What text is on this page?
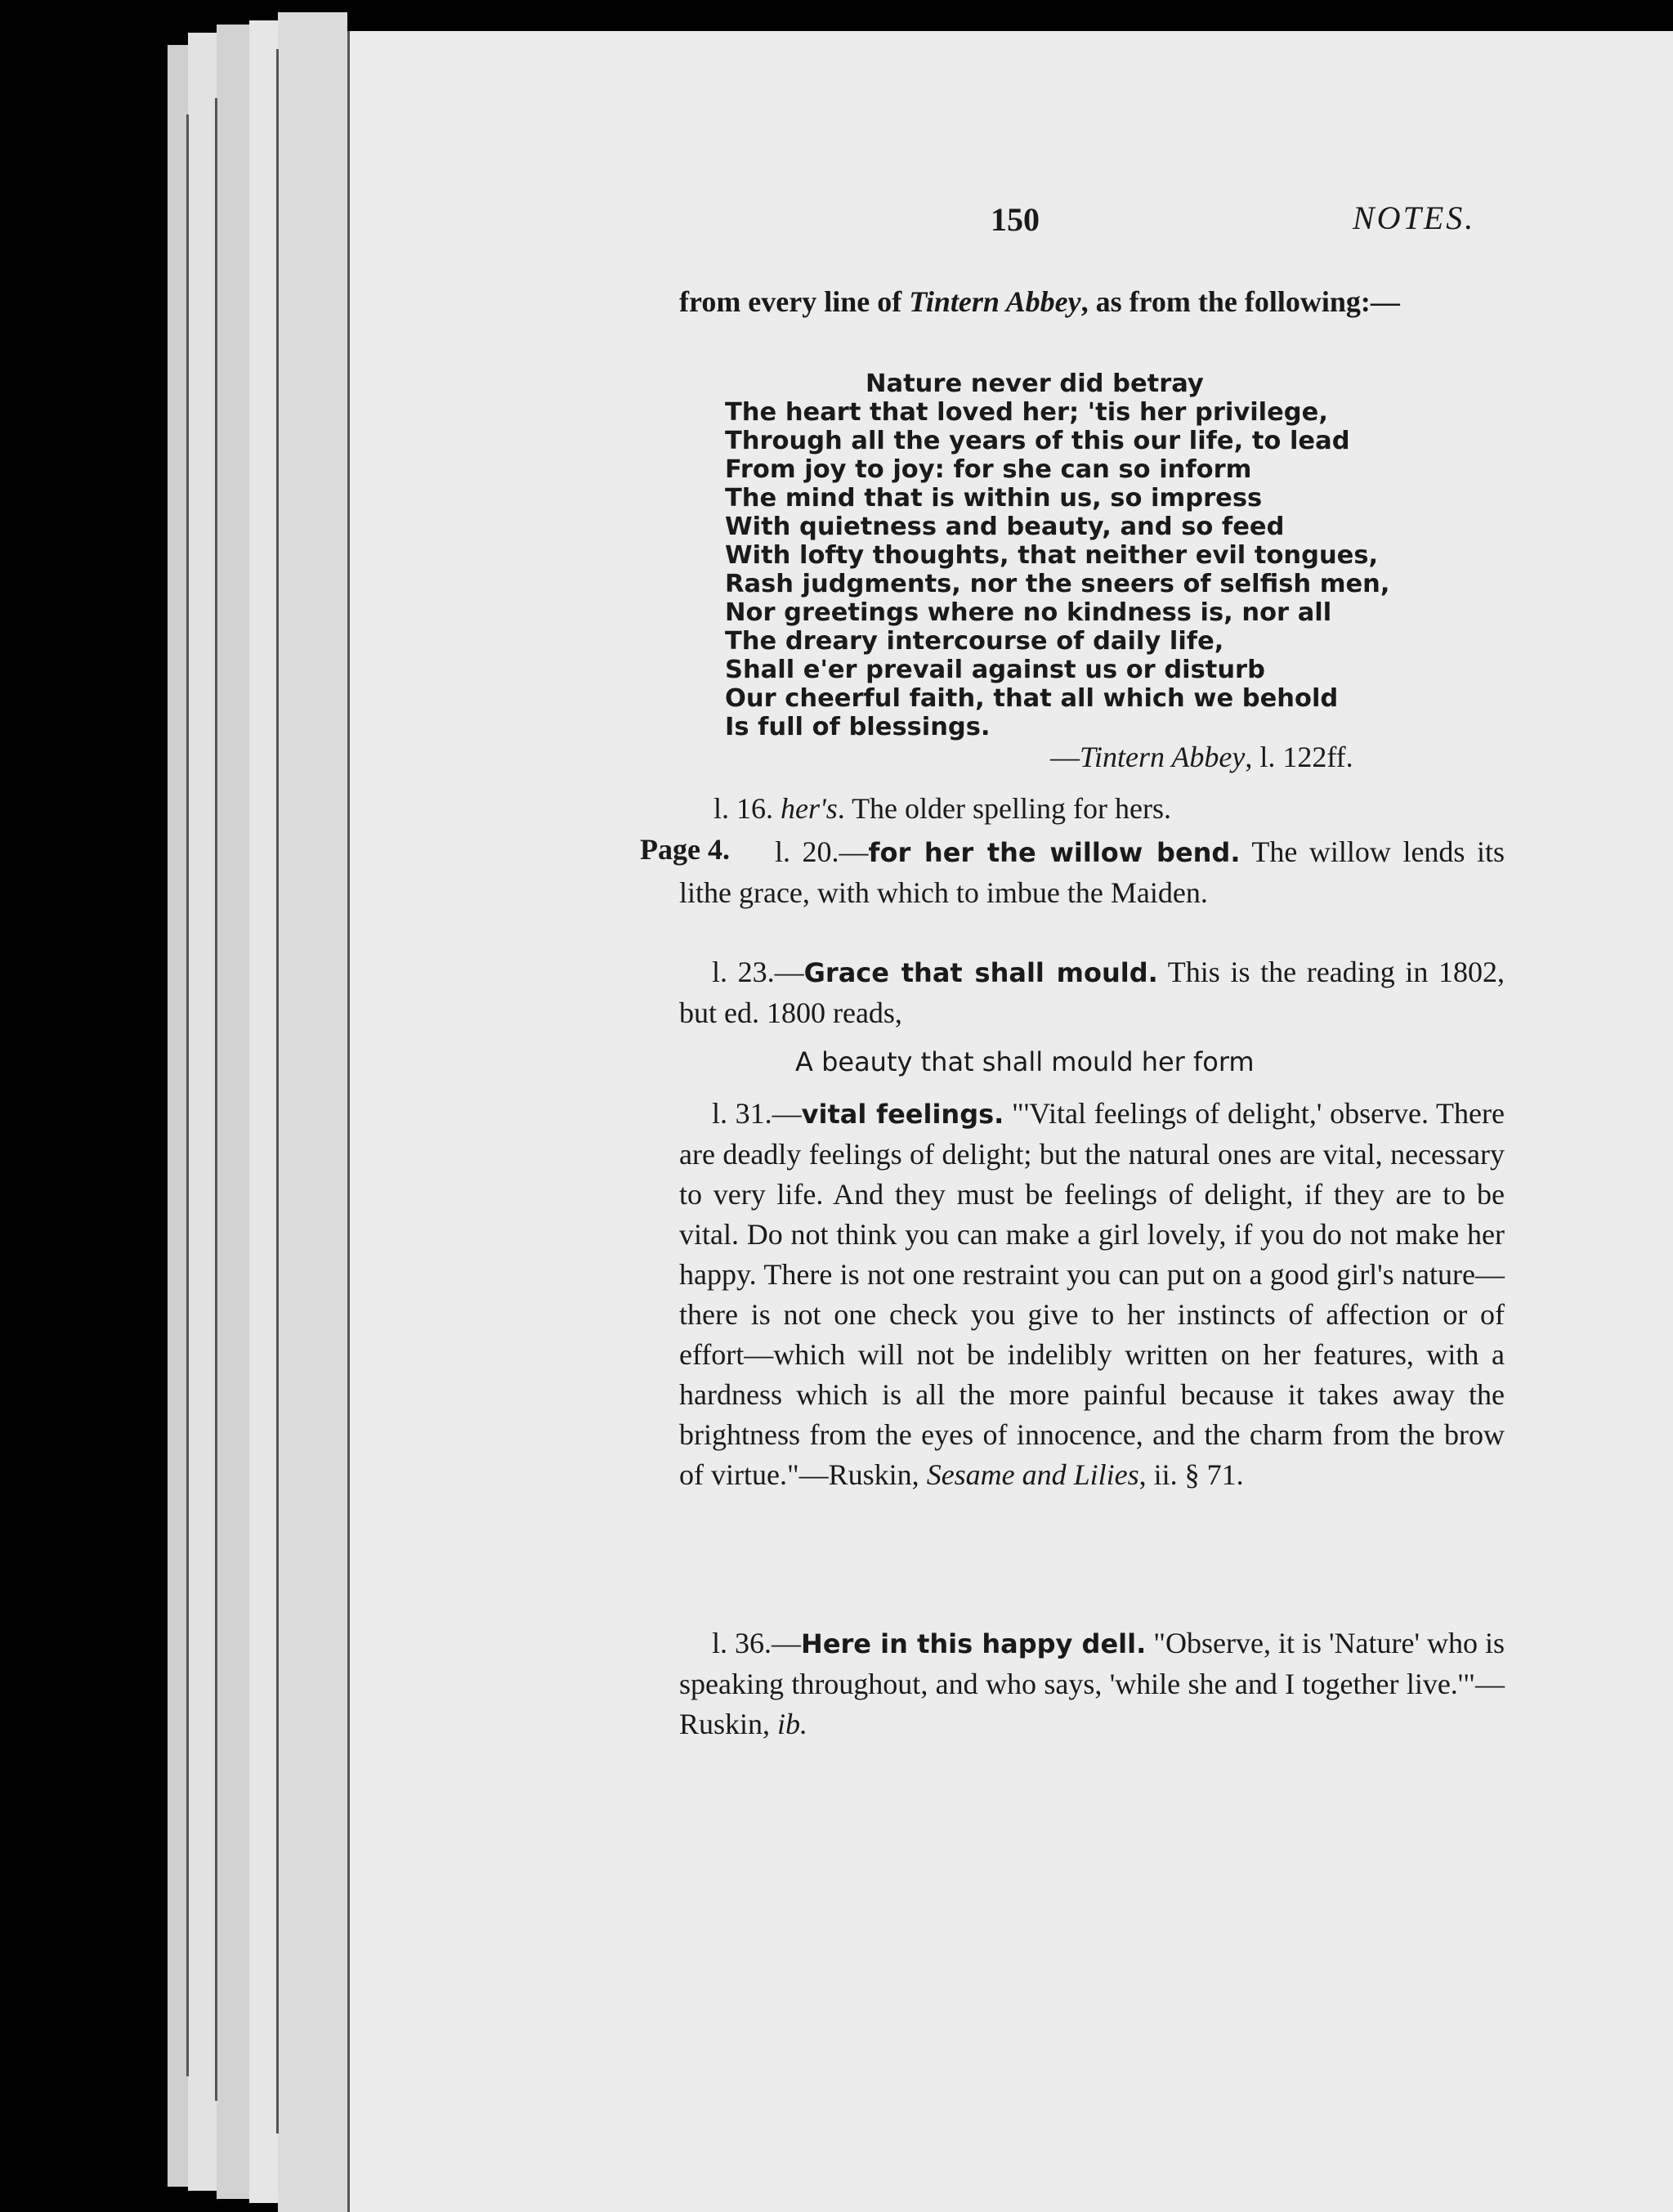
150	NOTES.
from every line of Tintern Abbey, as from the following:—
Nature never did betray
The heart that loved her; 'tis her privilege,
Through all the years of this our life, to lead
From joy to joy: for she can so inform
The mind that is within us, so impress
With quietness and beauty, and so feed
With lofty thoughts, that neither evil tongues,
Rash judgments, nor the sneers of selfish men,
Nor greetings where no kindness is, nor all
The dreary intercourse of daily life,
Shall e'er prevail against us or disturb
Our cheerful faith, that all which we behold
Is full of blessings.
—Tintern Abbey, l. 122ff.
l. 16. her's. The older spelling for hers.
Page 4.	l. 20.—for her the willow bend. The willow lends its lithe grace, with which to imbue the Maiden.
l. 23.—Grace that shall mould. This is the reading in 1802, but ed. 1800 reads,
A beauty that shall mould her form
l. 31.—vital feelings. "'Vital feelings of delight,' observe. There are deadly feelings of delight; but the natural ones are vital, necessary to very life. And they must be feelings of delight, if they are to be vital. Do not think you can make a girl lovely, if you do not make her happy. There is not one restraint you can put on a good girl's nature—there is not one check you give to her instincts of affection or of effort—which will not be indelibly written on her features, with a hardness which is all the more painful because it takes away the brightness from the eyes of innocence, and the charm from the brow of virtue."—Ruskin, Sesame and Lilies, ii. § 71.
l. 36.—Here in this happy dell. "Observe, it is 'Nature' who is speaking throughout, and who says, 'while she and I together live.'"—Ruskin, ib.
